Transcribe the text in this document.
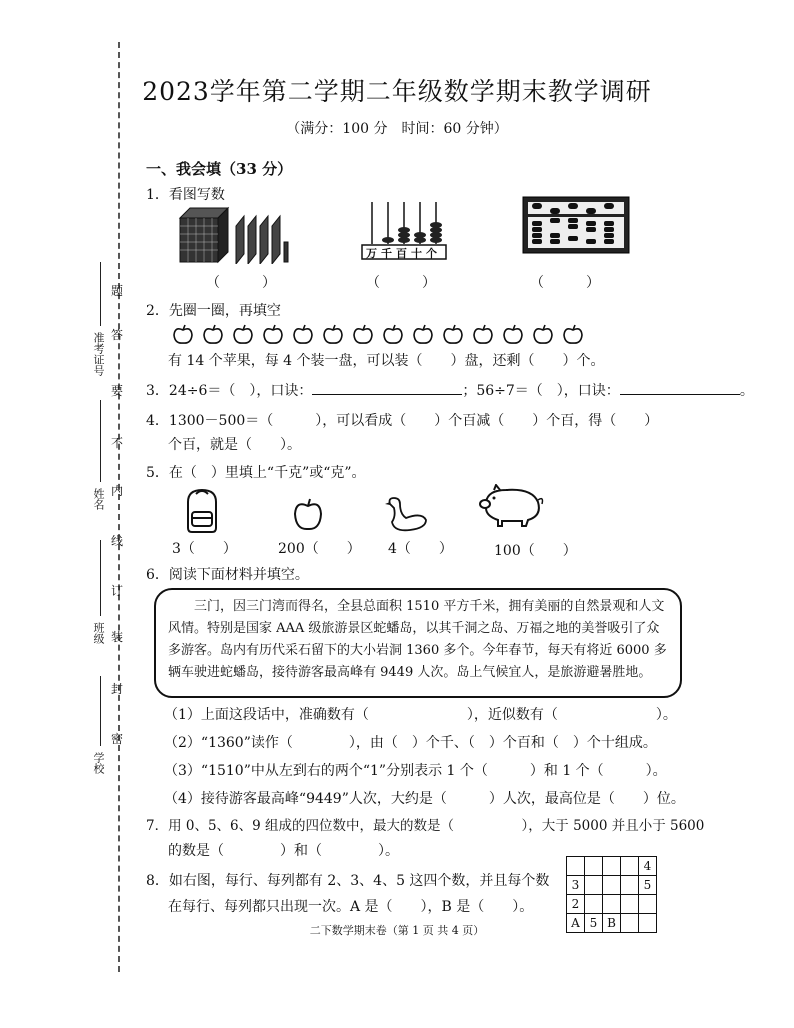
准考证号
姓名
班级
学校
题
答
要
不
内
线
订
装
封
密
2023学年第二学期二年级数学期末教学调研
（满分：100 分　时间：60 分钟）
一、我会填（33 分）
1．看图写数
（　　　）
万千百十个
（　　　）	（　　　）
2．先圈一圈，再填空
有 14 个苹果，每 4 个装一盘，可以装（　　）盘，还剩（　　）个。
3．24÷6＝（　），口诀：	；56÷7＝（　），口诀：	。
4．1300－500＝（　　　），可以看成（　　）个百减（　　）个百，得（　　）
个百，就是（　　）。
5．在（　）里填上“千克”或“克”。
3（　　）	200（　　） 4（　　）	100（　　）
6．阅读下面材料并填空。
三门，因三门湾而得名，全县总面积 1510 平方千米，拥有美丽的自然景观和人文风情。特别是国家 AAA 级旅游景区蛇蟠岛，以其千洞之岛、万福之地的美誉吸引了众多游客。岛内有历代采石留下的大小岩洞 1360 多个。今年春节，每天有将近 6000 多辆车驶进蛇蟠岛，接待游客最高峰有 9449 人次。岛上气候宜人，是旅游避暑胜地。
（1）上面这段话中，准确数有（　　　　　　　），近似数有（　　　　　　　）。
（2）“1360”读作（　　　　），由（　）个千、（　）个百和（　）个十组成。
（3）“1510”中从左到右的两个“1”分别表示 1 个（　　　）和 1 个（　　　）。
（4）接待游客最高峰“9449”人次，大约是（　　　）人次，最高位是（　　）位。
7．用 0、5、6、9 组成的四位数中，最大的数是（　　　　　），大于 5000 并且小于 5600
的数是（　　　　）和（　　　　）。
8．如右图，每行、每列都有 2、3、4、5 这四个数，并且每个数
在每行、每列都只出现一次。A 是（　　），B 是（　　）。
				4
3				5
2				
A	5	B		
二下数学期末卷（第 1 页 共 4 页）
